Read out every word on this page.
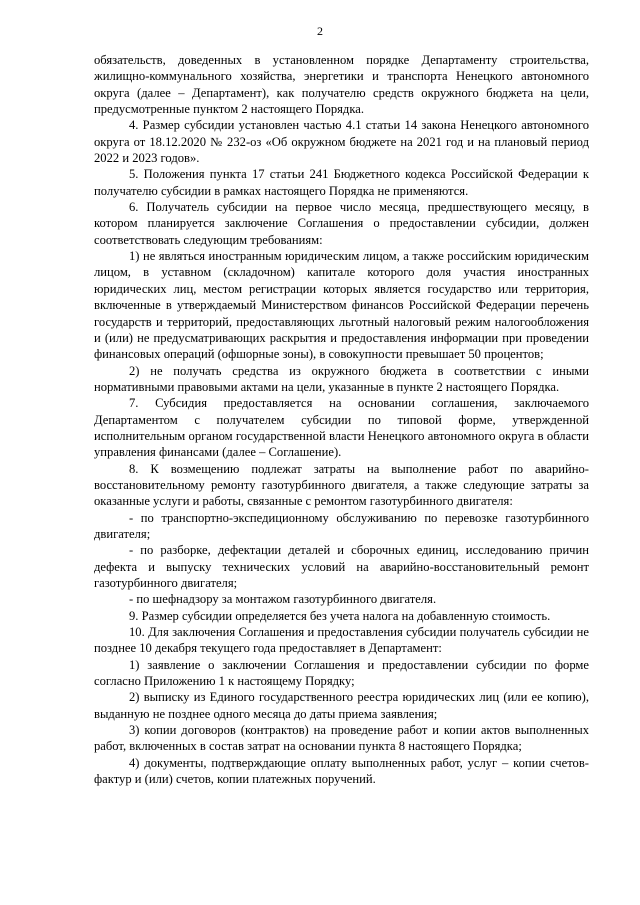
2

обязательств, доведенных в установленном порядке Департаменту строительства, жилищно-коммунального хозяйства, энергетики и транспорта Ненецкого автономного округа (далее – Департамент), как получателю средств окружного бюджета на цели, предусмотренные пунктом 2 настоящего Порядка.

4. Размер субсидии установлен частью 4.1 статьи 14 закона Ненецкого автономного округа от 18.12.2020 № 232-оз «Об окружном бюджете на 2021 год и на плановый период 2022 и 2023 годов».

5. Положения пункта 17 статьи 241 Бюджетного кодекса Российской Федерации к получателю субсидии в рамках настоящего Порядка не применяются.

6. Получатель субсидии на первое число месяца, предшествующего месяцу, в котором планируется заключение Соглашения о предоставлении субсидии, должен соответствовать следующим требованиям:

1) не являться иностранным юридическим лицом, а также российским юридическим лицом, в уставном (складочном) капитале которого доля участия иностранных юридических лиц, местом регистрации которых является государство или территория, включенные в утверждаемый Министерством финансов Российской Федерации перечень государств и территорий, предоставляющих льготный налоговый режим налогообложения и (или) не предусматривающих раскрытия и предоставления информации при проведении финансовых операций (офшорные зоны), в совокупности превышает 50 процентов;

2) не получать средства из окружного бюджета в соответствии с иными нормативными правовыми актами на цели, указанные в пункте 2 настоящего Порядка.

7. Субсидия предоставляется на основании соглашения, заключаемого Департаментом с получателем субсидии по типовой форме, утвержденной исполнительным органом государственной власти Ненецкого автономного округа в области управления финансами (далее – Соглашение).

8. К возмещению подлежат затраты на выполнение работ по аварийно-восстановительному ремонту газотурбинного двигателя, а также следующие затраты за оказанные услуги и работы, связанные с ремонтом газотурбинного двигателя:

- по транспортно-экспедиционному обслуживанию по перевозке газотурбинного двигателя;

- по разборке, дефектации деталей и сборочных единиц, исследованию причин дефекта и выпуску технических условий на аварийно-восстановительный ремонт газотурбинного двигателя;

- по шефнадзору за монтажом газотурбинного двигателя.

9. Размер субсидии определяется без учета налога на добавленную стоимость.

10. Для заключения Соглашения и предоставления субсидии получатель субсидии не позднее 10 декабря текущего года предоставляет в Департамент:

1) заявление о заключении Соглашения и предоставлении субсидии по форме согласно Приложению 1 к настоящему Порядку;

2) выписку из Единого государственного реестра юридических лиц (или ее копию), выданную не позднее одного месяца до даты приема заявления;

3) копии договоров (контрактов) на проведение работ и копии актов выполненных работ, включенных в состав затрат на основании пункта 8 настоящего Порядка;

4) документы, подтверждающие оплату выполненных работ, услуг – копии счетов-фактур и (или) счетов, копии платежных поручений.
